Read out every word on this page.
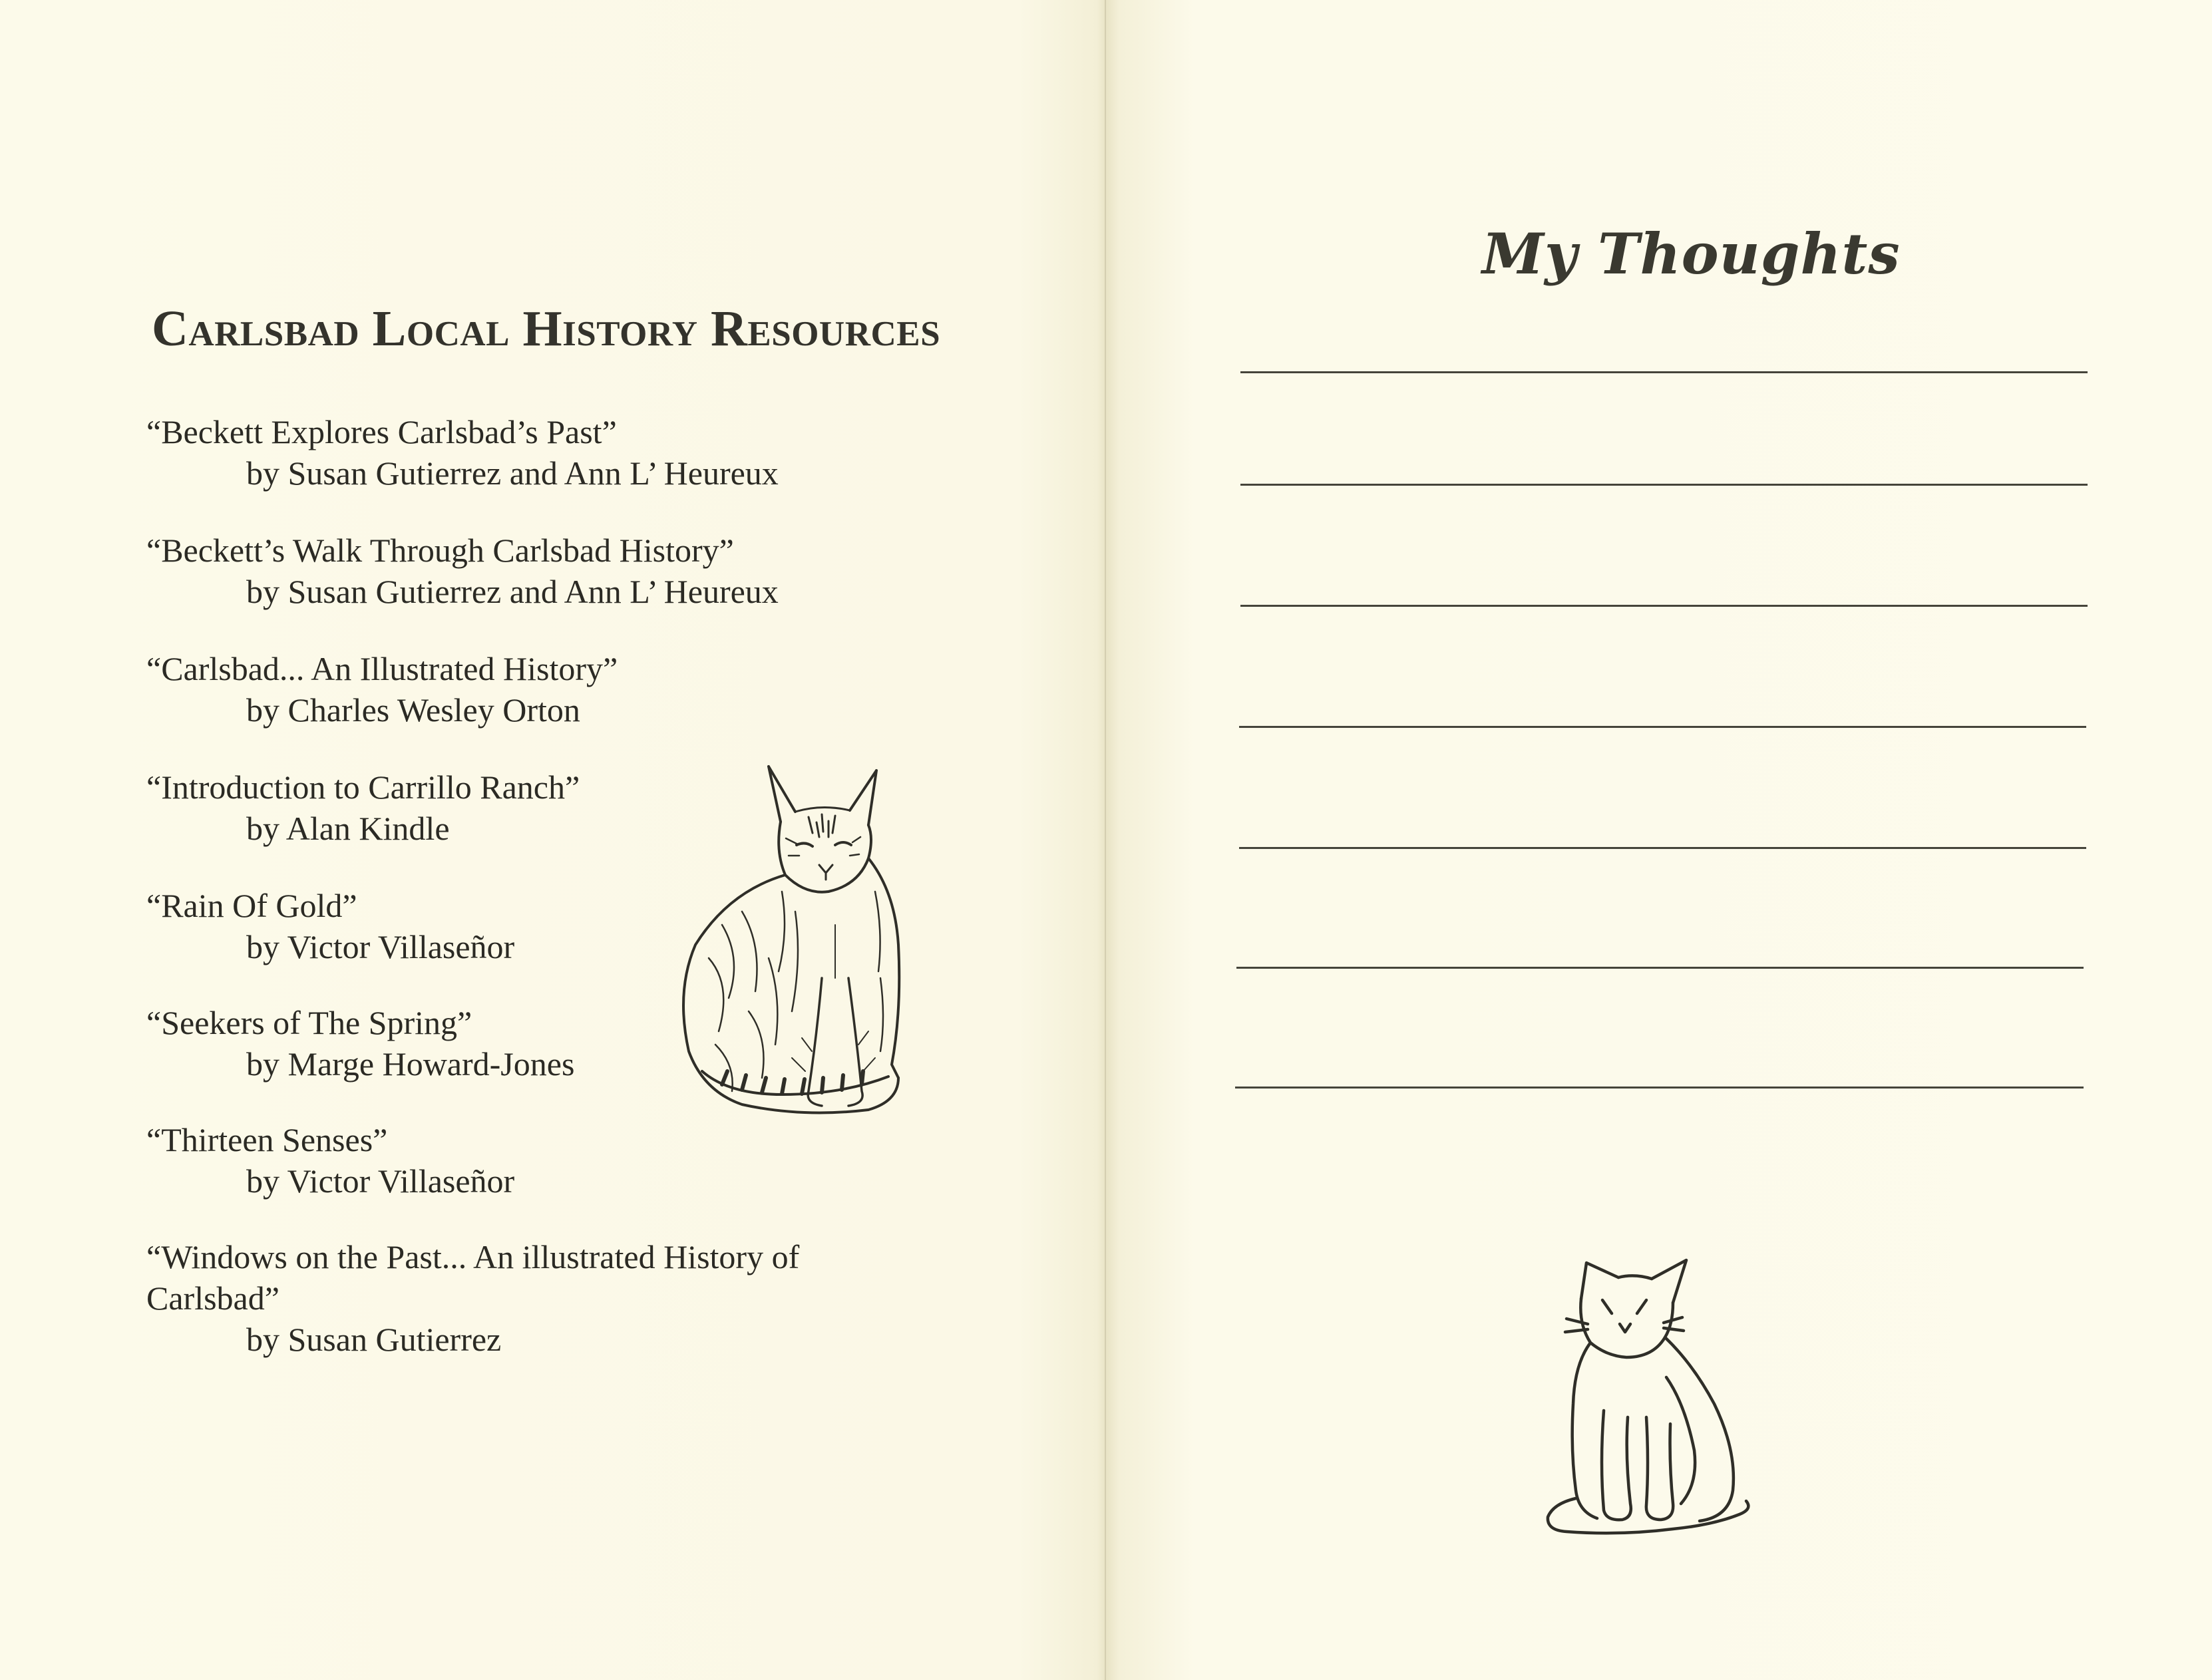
Carlsbad Local History Resources
“Beckett Explores Carlsbad’s Past”
by Susan Gutierrez and Ann L’ Heureux
“Beckett’s Walk Through Carlsbad History”
by Susan Gutierrez and Ann L’ Heureux
“Carlsbad... An Illustrated History”
by Charles Wesley Orton
“Introduction to Carrillo Ranch”
by Alan Kindle
“Rain Of Gold”
by Victor Villaseñor
“Seekers of The Spring”
by Marge Howard-Jones
“Thirteen Senses”
by Victor Villaseñor
“Windows on the Past... An illustrated History of Carlsbad”
by Susan Gutierrez
My Thoughts
